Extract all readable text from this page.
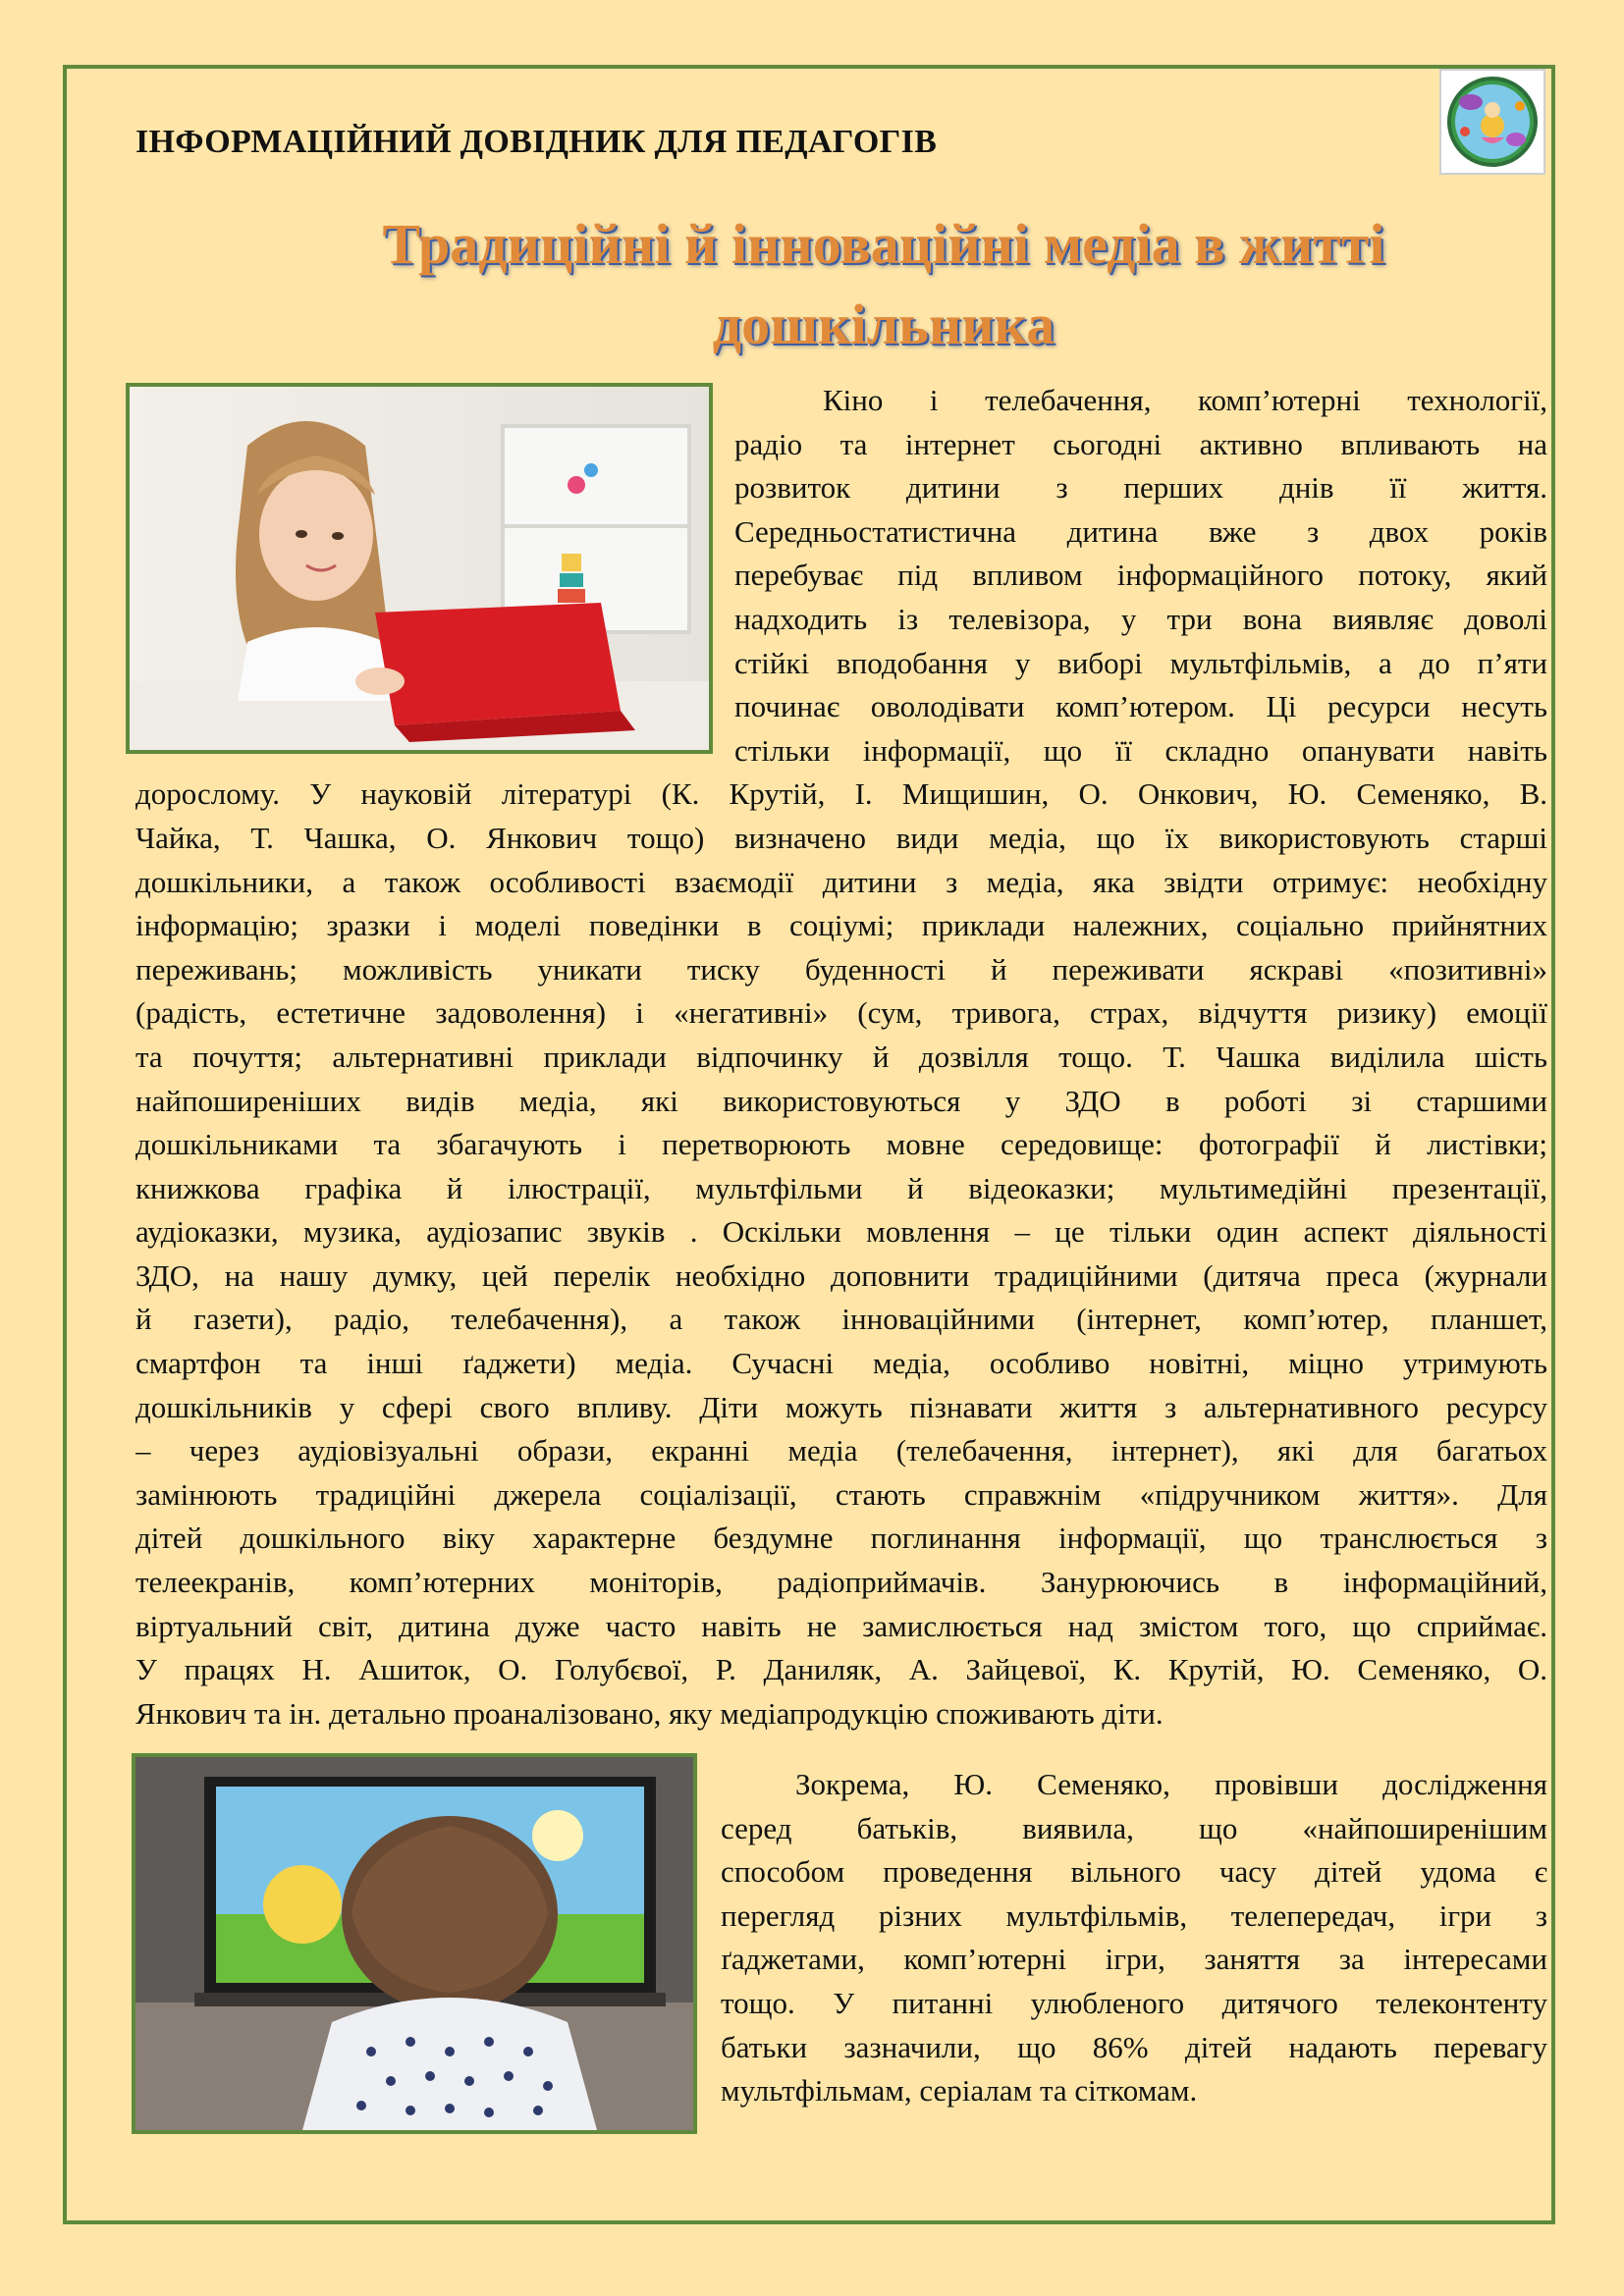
ІНФОРМАЦІЙНИЙ ДОВІДНИК ДЛЯ ПЕДАГОГІВ
Традиційні й інноваційні медіа в житті
дошкільника
Кіно і телебачення, комп’ютерні технології,
радіо та інтернет сьогодні активно впливають на
розвиток дитини з перших днів її життя.
Середньостатистична дитина вже з двох років
перебуває під впливом інформаційного потоку, який
надходить із телевізора, у три вона виявляє доволі
стійкі вподобання у виборі мультфільмів, а до п’яти
починає оволодівати комп’ютером. Ці ресурси несуть
стільки інформації, що її складно опанувати навіть
дорослому. У науковій літературі (К. Крутій, І. Мищишин, О. Онкович, Ю. Семеняко, В.
Чайка, Т. Чашка, О. Янкович тощо) визначено види медіа, що їх використовують старші
дошкільники, а також особливості взаємодії дитини з медіа, яка звідти отримує: необхідну
інформацію; зразки і моделі поведінки в соціумі; приклади належних, соціально прийнятних
переживань; можливість уникати тиску буденності й переживати яскраві «позитивні»
(радість, естетичне задоволення) і «негативні» (сум, тривога, страх, відчуття ризику) емоції
та почуття; альтернативні приклади відпочинку й дозвілля тощо. Т. Чашка виділила шість
найпоширеніших видів медіа, які використовуються у ЗДО в роботі зі старшими
дошкільниками та збагачують і перетворюють мовне середовище: фотографії й листівки;
книжкова графіка й ілюстрації, мультфільми й відеоказки; мультимедійні презентації,
аудіоказки, музика, аудіозапис звуків . Оскільки мовлення – це тільки один аспект діяльності
ЗДО, на нашу думку, цей перелік необхідно доповнити традиційними (дитяча преса (журнали
й газети), радіо, телебачення), а також інноваційними (інтернет, комп’ютер, планшет,
смартфон та інші ґаджети) медіа. Сучасні медіа, особливо новітні, міцно утримують
дошкільників у сфері свого впливу. Діти можуть пізнавати життя з альтернативного ресурсу
– через аудіовізуальні образи, екранні медіа (телебачення, інтернет), які для багатьох
замінюють традиційні джерела соціалізації, стають справжнім «підручником життя». Для
дітей дошкільного віку характерне бездумне поглинання інформації, що транслюється з
телеекранів, комп’ютерних моніторів, радіоприймачів. Занурюючись в інформаційний,
віртуальний світ, дитина дуже часто навіть не замислюється над змістом того, що сприймає.
У працях Н. Ашиток, О. Голубєвої, Р. Даниляк, А. Зайцевої, К. Крутій, Ю. Семеняко, О.
Янкович та ін. детально проаналізовано, яку медіапродукцію споживають діти.
Зокрема, Ю. Семеняко, провівши дослідження
серед батьків, виявила, що «найпоширенішим
способом проведення вільного часу дітей удома є
перегляд різних мультфільмів, телепередач, ігри з
ґаджетами, комп’ютерні ігри, заняття за інтересами
тощо. У питанні улюбленого дитячого телеконтенту
батьки зазначили, що 86% дітей надають перевагу
мультфільмам, серіалам та сіткомам.
